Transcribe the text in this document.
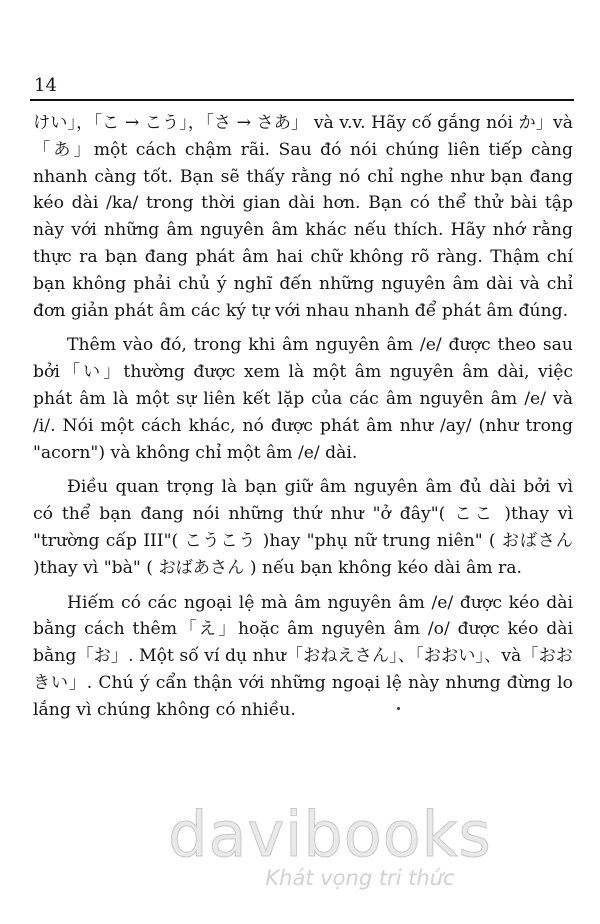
14

けい」，「こ → こう」，「さ → さあ」 và v.v. Hãy cố gắng nói か」và「あ」một cách chậm rãi. Sau đó nói chúng liên tiếp càng nhanh càng tốt. Bạn sẽ thấy rằng nó chỉ nghe như bạn đang kéo dài /ka/ trong thời gian dài hơn. Bạn có thể thử bài tập này với những âm nguyên âm khác nếu thích. Hãy nhớ rằng thực ra bạn đang phát âm hai chữ không rõ ràng. Thậm chí bạn không phải chủ ý nghĩ đến những nguyên âm dài và chỉ đơn giản phát âm các ký tự với nhau nhanh để phát âm đúng.

Thêm vào đó, trong khi âm nguyên âm /e/ được theo sau bởi「い」thường được xem là một âm nguyên âm dài, việc phát âm là một sự liên kết lặp của các âm nguyên âm /e/ và /i/. Nói một cách khác, nó được phát âm như /ay/ (như trong "acorn") và không chỉ một âm /e/ dài.

Điều quan trọng là bạn giữ âm nguyên âm đủ dài bởi vì có thể bạn đang nói những thứ như "ở đây"( ここ )thay vì "trường cấp III"( こうこう )hay "phụ nữ trung niên" ( おばさん )thay vì "bà" ( おばあさん ) nếu bạn không kéo dài âm ra.

Hiếm có các ngoại lệ mà âm nguyên âm /e/ được kéo dài bằng cách thêm「え」hoặc âm nguyên âm /o/ được kéo dài bằng「お」. Một số ví dụ như「おねえさん」、「おおい」、và「おおきい」. Chú ý cẩn thận với những ngoại lệ này nhưng đừng lo lắng vì chúng không có nhiều.

davibooks
Khát vọng tri thức
